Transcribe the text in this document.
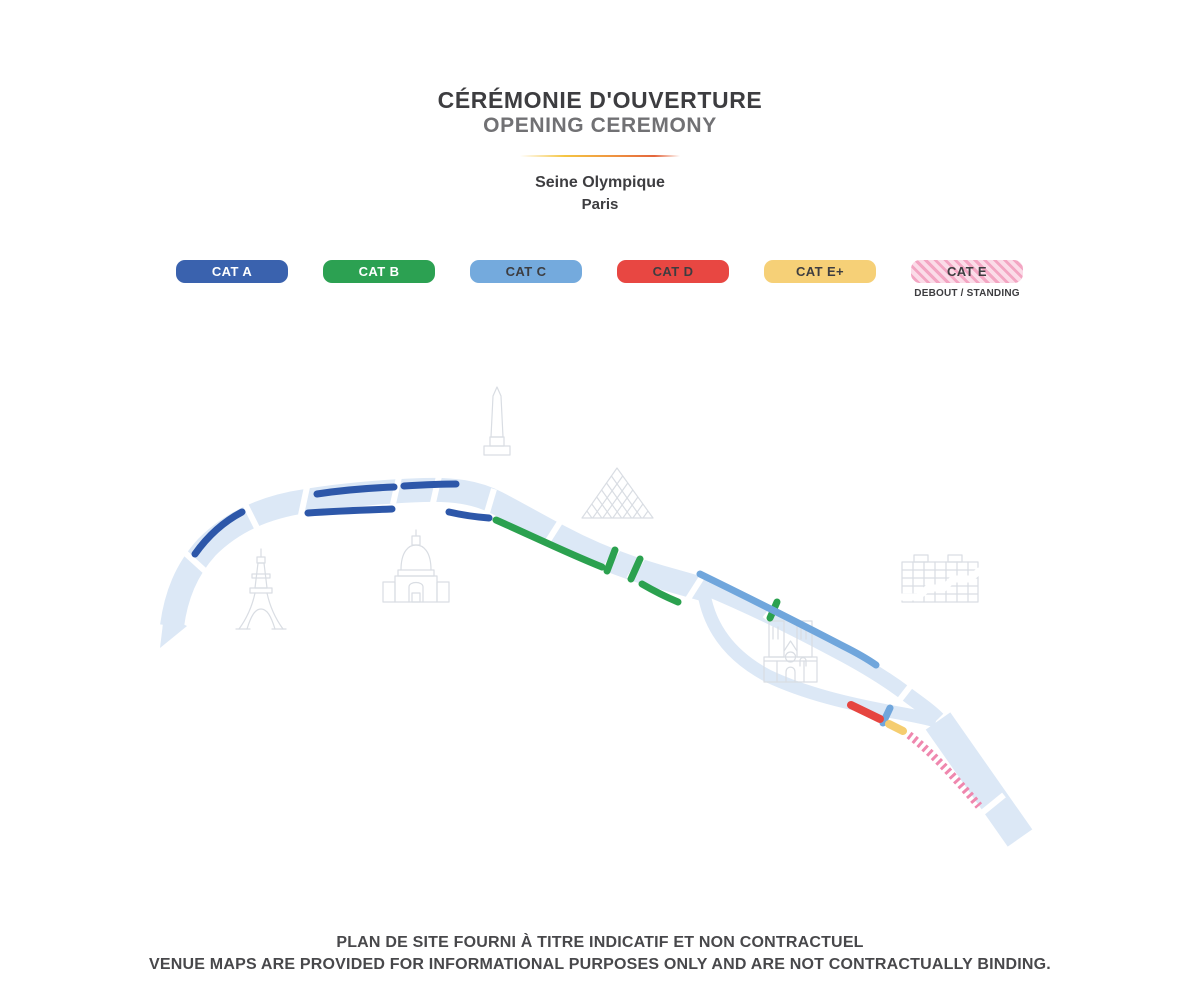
CÉRÉMONIE D'OUVERTURE
OPENING CEREMONY
Seine Olympique
Paris
CAT A	CAT B	CAT C	CAT D	CAT E+	CAT E
DEBOUT / STANDING
PLAN DE SITE FOURNI À TITRE INDICATIF ET NON CONTRACTUEL
VENUE MAPS ARE PROVIDED FOR INFORMATIONAL PURPOSES ONLY AND ARE NOT CONTRACTUALLY BINDING.
